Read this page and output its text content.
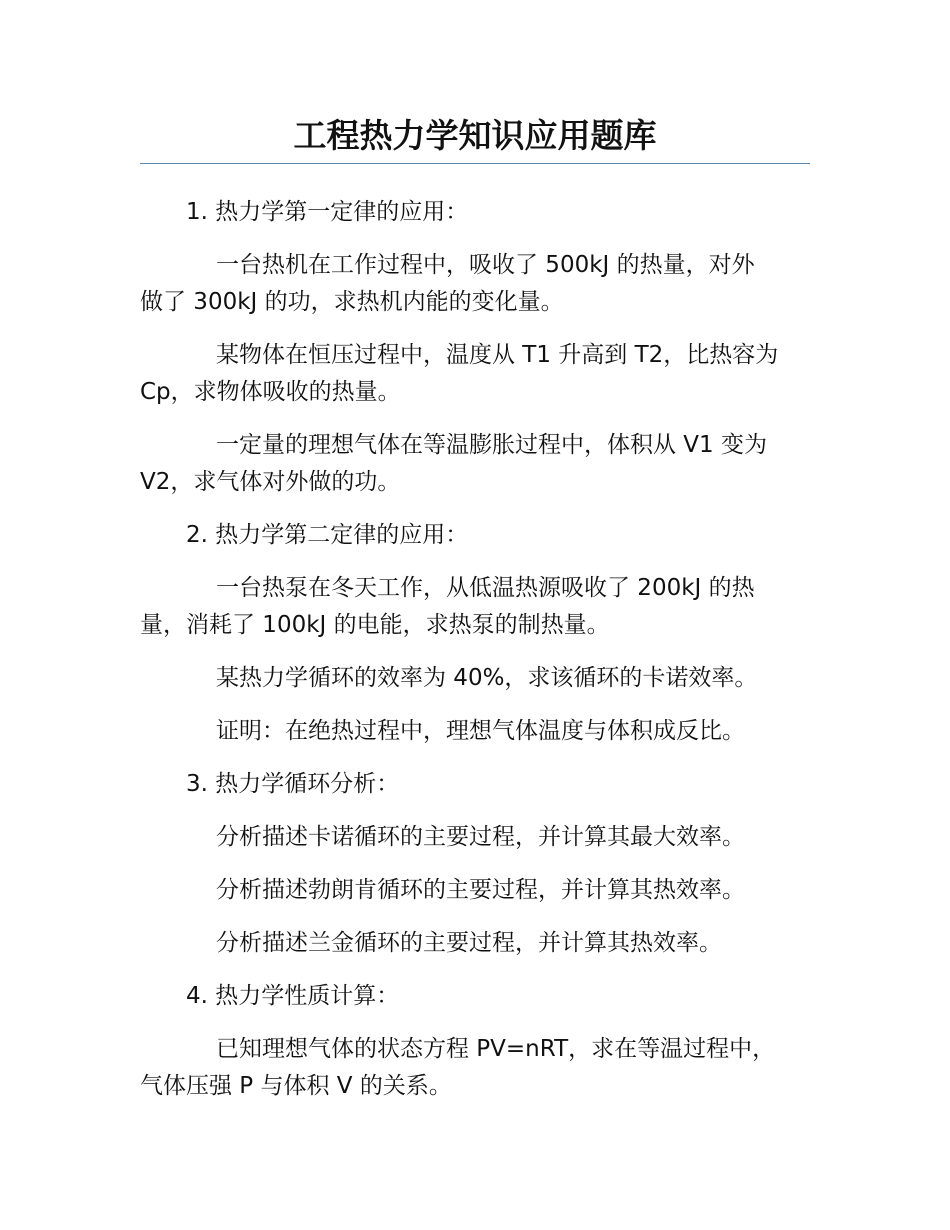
工程热力学知识应用题库
1. 热力学第一定律的应用：
一台热机在工作过程中，吸收了 500kJ 的热量，对外
做了 300kJ 的功，求热机内能的变化量。
某物体在恒压过程中，温度从 T1 升高到 T2，比热容为
Cp，求物体吸收的热量。
一定量的理想气体在等温膨胀过程中，体积从 V1 变为
V2，求气体对外做的功。
2. 热力学第二定律的应用：
一台热泵在冬天工作，从低温热源吸收了 200kJ 的热
量，消耗了 100kJ 的电能，求热泵的制热量。
某热力学循环的效率为 40%，求该循环的卡诺效率。
证明：在绝热过程中，理想气体温度与体积成反比。
3. 热力学循环分析：
分析描述卡诺循环的主要过程，并计算其最大效率。
分析描述勃朗肯循环的主要过程，并计算其热效率。
分析描述兰金循环的主要过程，并计算其热效率。
4. 热力学性质计算：
已知理想气体的状态方程 PV=nRT，求在等温过程中，
气体压强 P 与体积 V 的关系。
